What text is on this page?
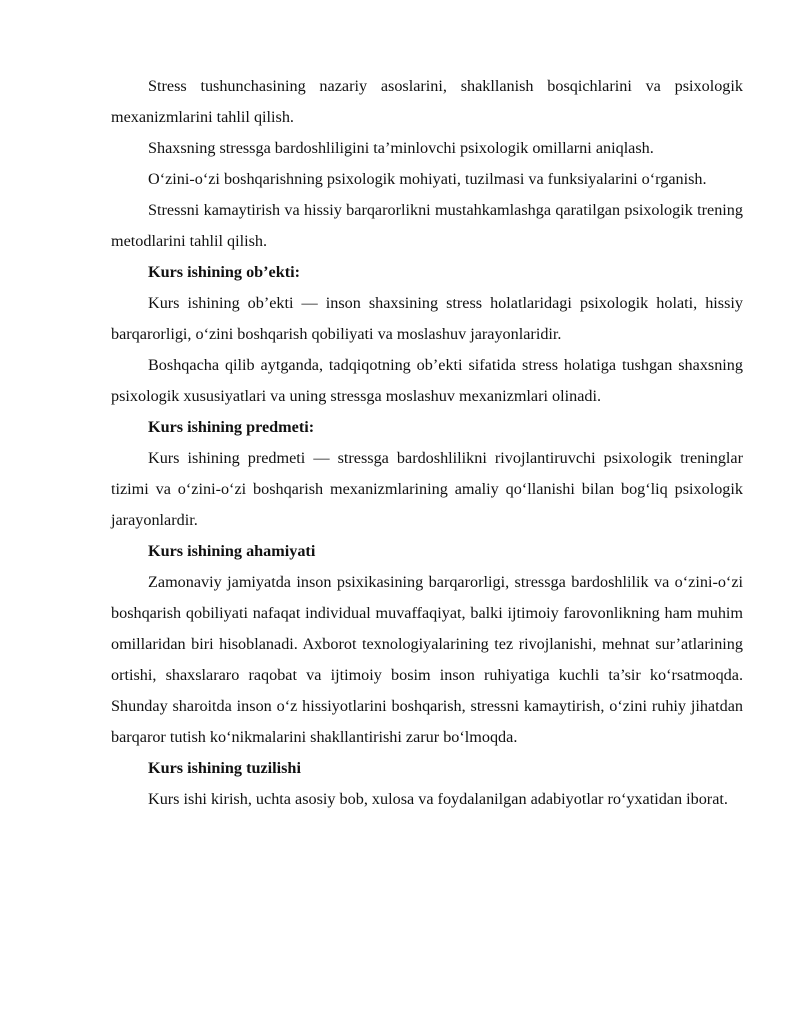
Stress tushunchasining nazariy asoslarini, shakllanish bosqichlarini va psixologik mexanizmlarini tahlil qilish.

Shaxsning stressga bardoshliligini ta’minlovchi psixologik omillarni aniqlash.

O‘zini-o‘zi boshqarishning psixologik mohiyati, tuzilmasi va funksiyalarini o‘rganish.

Stressni kamaytirish va hissiy barqarorlikni mustahkamlashga qaratilgan psixologik trening metodlarini tahlil qilish.

Kurs ishining ob’ekti:

Kurs ishining ob’ekti — inson shaxsining stress holatlaridagi psixologik holati, hissiy barqarorligi, o‘zini boshqarish qobiliyati va moslashuv jarayonlaridir.

Boshqacha qilib aytganda, tadqiqotning ob’ekti sifatida stress holatiga tushgan shaxsning psixologik xususiyatlari va uning stressga moslashuv mexanizmlari olinadi.

Kurs ishining predmeti:

Kurs ishining predmeti — stressga bardoshlilikni rivojlantiruvchi psixologik treninglar tizimi va o‘zini-o‘zi boshqarish mexanizmlarining amaliy qo‘llanishi bilan bog‘liq psixologik jarayonlardir.

Kurs ishining ahamiyati

Zamonaviy jamiyatda inson psixikasining barqarorligi, stressga bardoshlilik va o‘zini-o‘zi boshqarish qobiliyati nafaqat individual muvaffaqiyat, balki ijtimoiy farovonlikning ham muhim omillaridan biri hisoblanadi. Axborot texnologiyalarining tez rivojlanishi, mehnat sur’atlarining ortishi, shaxslararo raqobat va ijtimoiy bosim inson ruhiyatiga kuchli ta’sir ko‘rsatmoqda. Shunday sharoitda inson o‘z hissiyotlarini boshqarish, stressni kamaytirish, o‘zini ruhiy jihatdan barqaror tutish ko‘nikmalarini shakllantirishi zarur bo‘lmoqda.

Kurs ishining tuzilishi

Kurs ishi kirish, uchta asosiy bob, xulosa va foydalanilgan adabiyotlar ro‘yxatidan iborat.
